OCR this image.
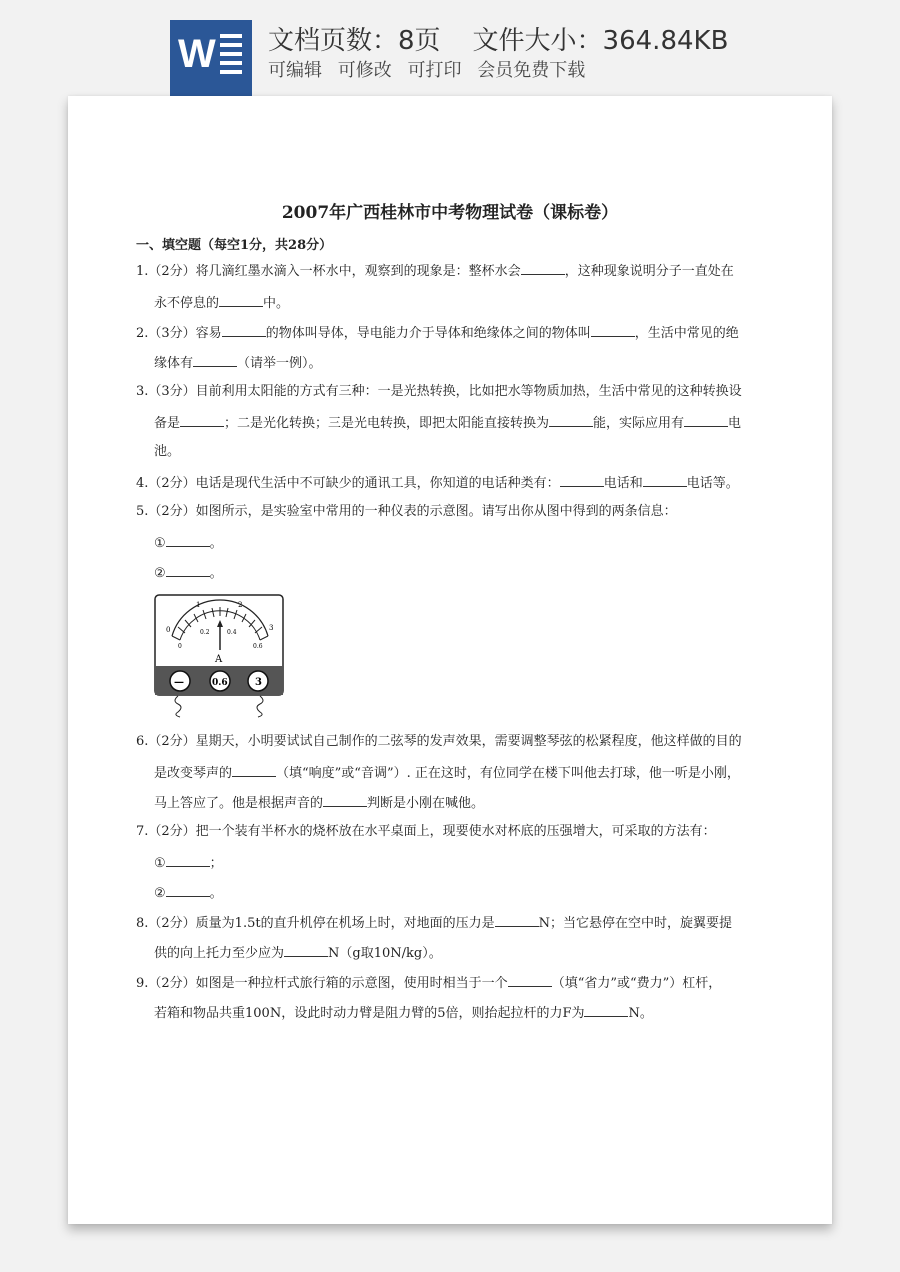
W 文档页数：8页 文件大小：364.84KB
可编辑 可修改 可打印 会员免费下载
2007年广西桂林市中考物理试卷（课标卷）
一、填空题（每空1分，共28分）
1.（2分）将几滴红墨水滴入一杯水中，观察到的现象是：整杯水会	，这种现象说明分子一直处在
永不停息的	中。
2.（3分）容易	的物体叫导体，导电能力介于导体和绝缘体之间的物体叫	，生活中常见的绝
缘体有	（请举一例）。
3.（3分）目前利用太阳能的方式有三种：一是光热转换，比如把水等物质加热，生活中常见的这种转换设
备是	；二是光化转换；三是光电转换，即把太阳能直接转换为	能，实际应用有	电
池。
4.（2分）电话是现代生活中不可缺少的通讯工具，你知道的电话种类有：	电话和	电话等。
5.（2分）如图所示，是实验室中常用的一种仪表的示意图。请写出你从图中得到的两条信息：
①	。
②	。
0
1	2
3
0
0.2	0.4
0.6
A
—	0.6	3
6.（2分）星期天，小明要试试自己制作的二弦琴的发声效果，需要调整琴弦的松紧程度，他这样做的目的
是改变琴声的	（填“响度”或“音调”）. 正在这时，有位同学在楼下叫他去打球，他一听是小刚，
马上答应了。他是根据声音的	判断是小刚在喊他。
7.（2分）把一个装有半杯水的烧杯放在水平桌面上，现要使水对杯底的压强增大，可采取的方法有：
①	；
②	。
8.（2分）质量为1.5t的直升机停在机场上时，对地面的压力是	N；当它悬停在空中时，旋翼要提
供的向上托力至少应为	N（g取10N/kg）。
9.（2分）如图是一种拉杆式旅行箱的示意图，使用时相当于一个	（填“省力”或“费力”）杠杆，
若箱和物品共重100N，设此时动力臂是阻力臂的5倍，则抬起拉杆的力F为	N。
